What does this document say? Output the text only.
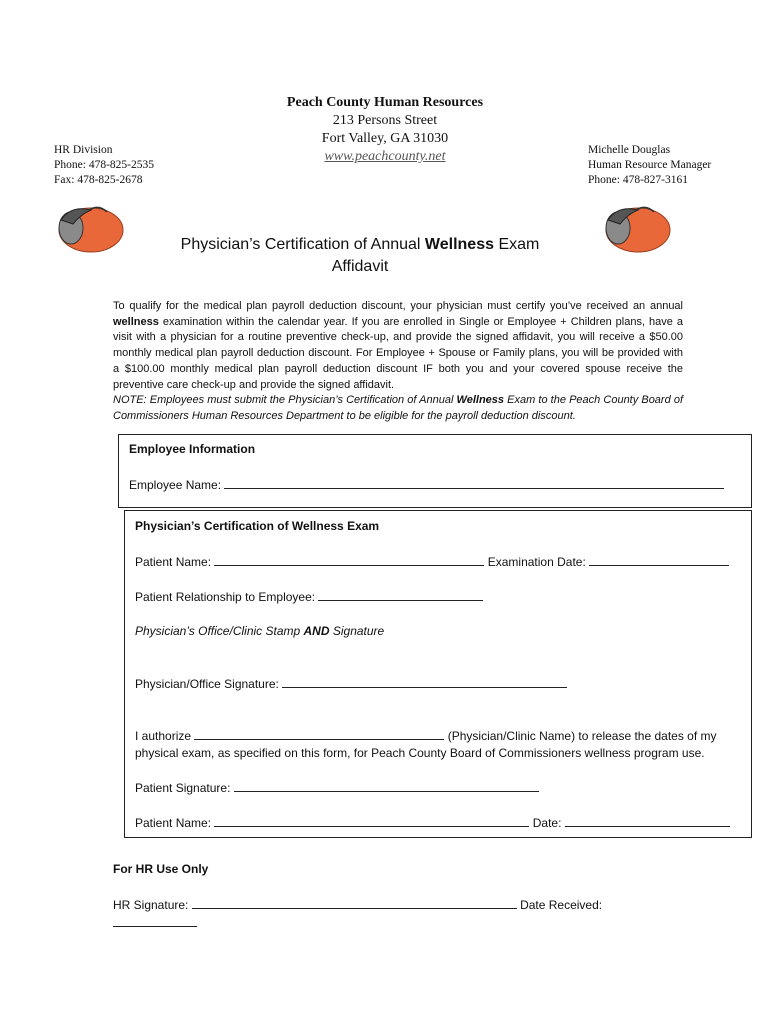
Peach County Human Resources
213 Persons Street
Fort Valley, GA 31030
www.peachcounty.net
HR Division
Phone: 478-825-2535
Fax: 478-825-2678
Michelle Douglas
Human Resource Manager
Phone: 478-827-3161
Physician’s Certification of Annual Wellness Exam
Affidavit
To qualify for the medical plan payroll deduction discount, your physician must certify you’ve received an annual wellness examination within the calendar year. If you are enrolled in Single or Employee + Children plans, have a visit with a physician for a routine preventive check-up, and provide the signed affidavit, you will receive a $50.00 monthly medical plan payroll deduction discount. For Employee + Spouse or Family plans, you will be provided with a $100.00 monthly medical plan payroll deduction discount IF both you and your covered spouse receive the preventive care check-up and provide the signed affidavit.
NOTE: Employees must submit the Physician’s Certification of Annual Wellness Exam to the Peach County Board of Commissioners Human Resources Department to be eligible for the payroll deduction discount.
Employee Information
Employee Name:
Physician’s Certification of Wellness Exam
Patient Name:	Examination Date:
Patient Relationship to Employee:
Physician’s Office/Clinic Stamp AND Signature
Physician/Office Signature:
I authorize	(Physician/Clinic Name) to release the dates of my
physical exam, as specified on this form, for Peach County Board of Commissioners wellness program use.
Patient Signature:
Patient Name:	Date:
For HR Use Only
HR Signature:	Date Received:
